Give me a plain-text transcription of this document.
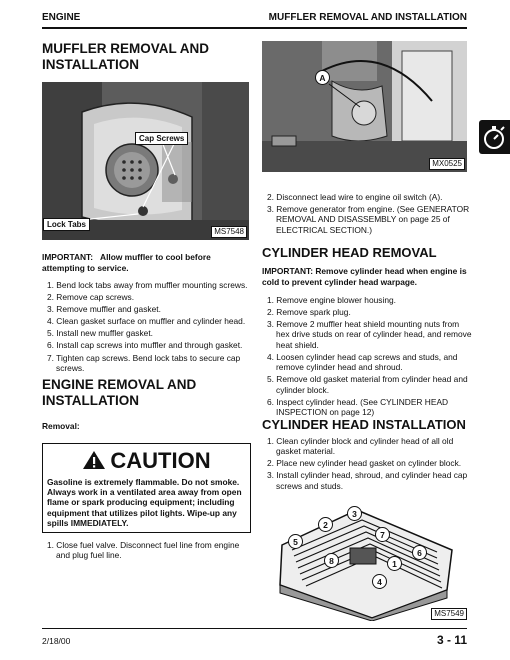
ENGINE	MUFFLER REMOVAL AND INSTALLATION
MUFFLER REMOVAL AND
INSTALLATION
Cap Screws
Lock Tabs
MS7548
IMPORTANT: Allow muffler to cool before attempting to service.
1. Bend lock tabs away from muffler mounting screws.
2. Remove cap screws.
3. Remove muffler and gasket.
4. Clean gasket surface on muffler and cylinder head.
5. Install new muffler gasket.
6. Install cap screws into muffler and through gasket.
7. Tighten cap screws. Bend lock tabs to secure cap screws.
ENGINE REMOVAL AND
INSTALLATION
Removal:
CAUTION
Gasoline is extremely flammable. Do not smoke. Always work in a ventilated area away from open flame or spark producing equipment; including equipment that utilizes pilot lights. Wipe-up any spills IMMEDIATELY.
1. Close fuel valve. Disconnect fuel line from engine and plug fuel line.
A
MX0525
2. Disconnect lead wire to engine oil switch (A).
3. Remove generator from engine. (See GENERATOR REMOVAL AND DISASSEMBLY on page 25 of ELECTRICAL SECTION.)
CYLINDER HEAD REMOVAL
IMPORTANT: Remove cylinder head when engine is cold to prevent cylinder head warpage.
1. Remove engine blower housing.
2. Remove spark plug.
3. Remove 2 muffler heat shield mounting nuts from hex drive studs on rear of cylinder head, and remove heat shield.
4. Loosen cylinder head cap screws and studs, and remove cylinder head and shroud.
5. Remove old gasket material from cylinder head and cylinder block.
6. Inspect cylinder head. (See CYLINDER HEAD INSPECTION on page 12)
CYLINDER HEAD INSTALLATION
1. Clean cylinder block and cylinder head of all old gasket material.
2. Place new cylinder head gasket on cylinder block.
3. Install cylinder head, shroud, and cylinder head cap screws and studs.
1
2
3
4
5
6
7
8
MS7549
2/18/00	3 - 11
